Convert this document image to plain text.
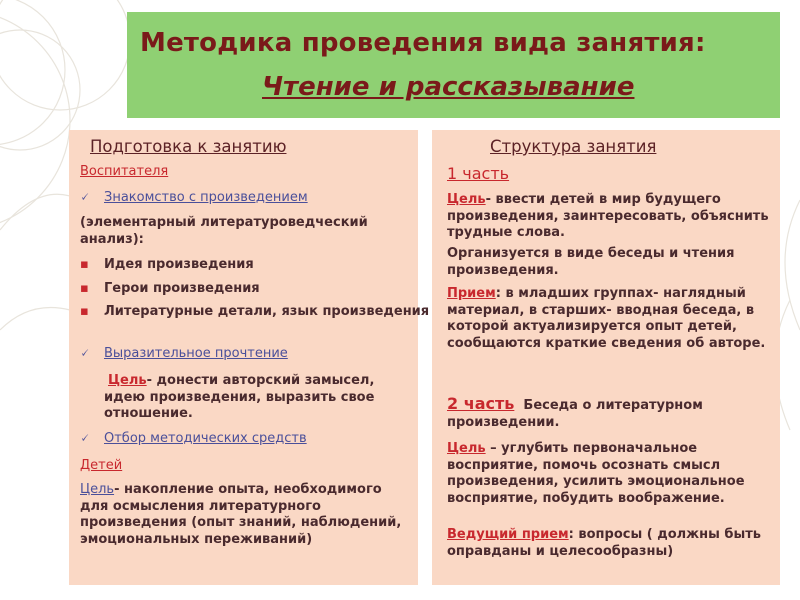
Методика проведения вида занятия:
Чтение и рассказывание
Подготовка к занятию
Воспитателя
🗸 Знакомство с произведением
(элементарный литературоведческий анализ):
▪ Идея произведения
▪ Герои произведения
▪ Литературные детали, язык произведения
🗸 Выразительное прочтение
Цель- донести авторский замысел, идею произведения, выразить свое отношение.
🗸 Отбор методических средств
Детей
Цель- накопление опыта, необходимого для осмысления литературного произведения (опыт знаний, наблюдений, эмоциональных переживаний)
Структура занятия
1 часть
Цель- ввести детей в мир будущего произведения, заинтересовать, объяснить трудные слова.
Организуется в виде беседы и чтения произведения.
Прием: в младших группах- наглядный материал, в старших- вводная беседа, в которой актуализируется опыт детей, сообщаются краткие сведения об авторе.
2 часть Беседа о литературном произведении.
Цель – углубить первоначальное восприятие, помочь осознать смысл произведения, усилить эмоциональное восприятие, побудить воображение.
Ведущий прием: вопросы ( должны быть оправданы и целесообразны)
